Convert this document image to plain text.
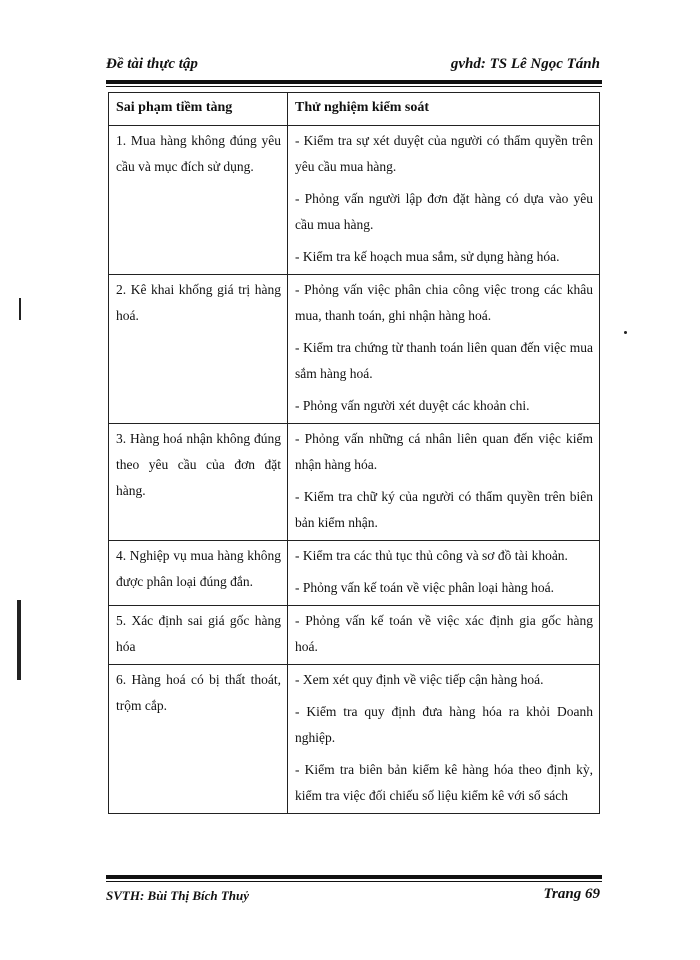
Đề tài thực tập	gvhd: TS Lê Ngọc Tánh
Sai phạm tiềm tàng	Thử nghiệm kiểm soát
1. Mua hàng không đúng yêu cầu và mục đích sử dụng.	- Kiểm tra sự xét duyệt của người có thẩm quyền trên yêu cầu mua hàng.

- Phỏng vấn người lập đơn đặt hàng có dựa vào yêu cầu mua hàng.

- Kiểm tra kế hoạch mua sắm, sử dụng hàng hóa.

2. Kê khai khống giá trị hàng hoá.	- Phỏng vấn việc phân chia công việc trong các khâu mua, thanh toán, ghi nhận hàng hoá.

- Kiểm tra chứng từ thanh toán liên quan đến việc mua sắm hàng hoá.

- Phỏng vấn người xét duyệt các khoản chi.

3. Hàng hoá nhận không đúng theo yêu cầu của đơn đặt hàng.	- Phỏng vấn những cá nhân liên quan đến việc kiểm nhận hàng hóa.

- Kiểm tra chữ ký của người có thẩm quyền trên biên bản kiểm nhận.

4. Nghiệp vụ mua hàng không được phân loại đúng đắn.	- Kiểm tra các thủ tục thủ công và sơ đồ tài khoản.

- Phỏng vấn kế toán về việc phân loại hàng hoá.

5. Xác định sai giá gốc hàng hóa	- Phỏng vấn kế toán về việc xác định gia gốc hàng hoá.

6. Hàng hoá có bị thất thoát, trộm cắp.	- Xem xét quy định về việc tiếp cận hàng hoá.

- Kiểm tra quy định đưa hàng hóa ra khỏi Doanh nghiệp.

- Kiểm tra biên bản kiểm kê hàng hóa theo định kỳ, kiểm tra việc đối chiếu số liệu kiểm kê với sổ sách

SVTH: Bùi Thị Bích Thuỷ	Trang 69
